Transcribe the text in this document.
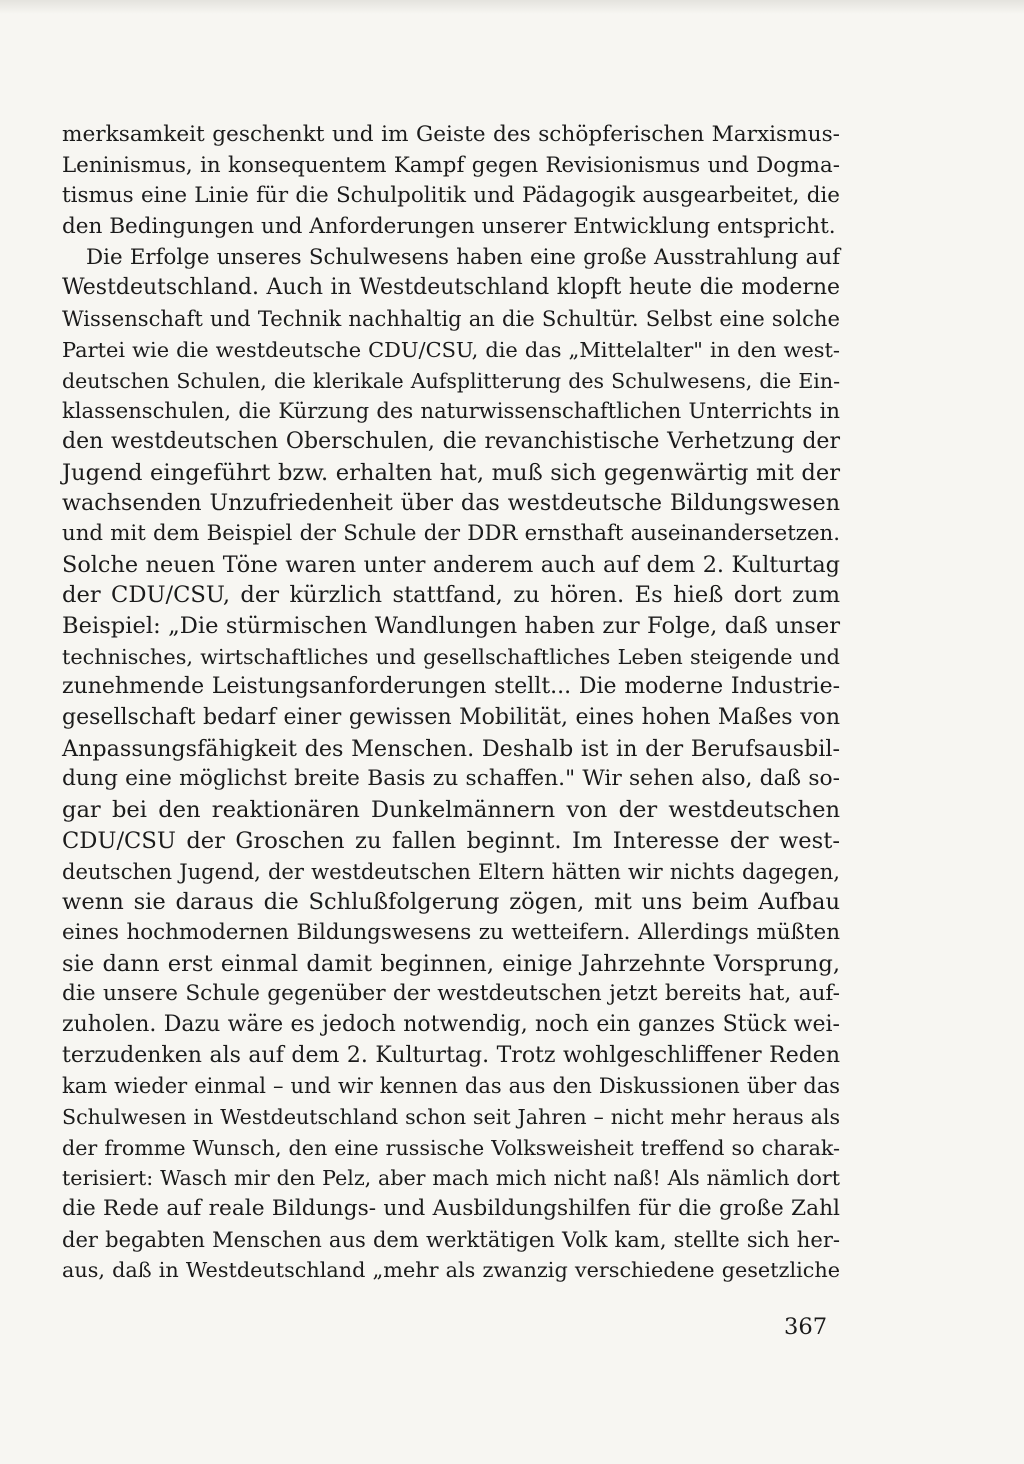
merksamkeit geschenkt und im Geiste des schöpferischen Marxismus-
Leninismus, in konsequentem Kampf gegen Revisionismus und Dogma-
tismus eine Linie für die Schulpolitik und Pädagogik ausgearbeitet, die
den Bedingungen und Anforderungen unserer Entwicklung entspricht.
Die Erfolge unseres Schulwesens haben eine große Ausstrahlung auf
Westdeutschland. Auch in Westdeutschland klopft heute die moderne
Wissenschaft und Technik nachhaltig an die Schultür. Selbst eine solche
Partei wie die westdeutsche CDU/CSU, die das „Mittelalter" in den west-
deutschen Schulen, die klerikale Aufsplitterung des Schulwesens, die Ein-
klassenschulen, die Kürzung des naturwissenschaftlichen Unterrichts in
den westdeutschen Oberschulen, die revanchistische Verhetzung der
Jugend eingeführt bzw. erhalten hat, muß sich gegenwärtig mit der
wachsenden Unzufriedenheit über das westdeutsche Bildungswesen
und mit dem Beispiel der Schule der DDR ernsthaft auseinandersetzen.
Solche neuen Töne waren unter anderem auch auf dem 2. Kulturtag
der CDU/CSU, der kürzlich stattfand, zu hören. Es hieß dort zum
Beispiel: „Die stürmischen Wandlungen haben zur Folge, daß unser
technisches, wirtschaftliches und gesellschaftliches Leben steigende und
zunehmende Leistungsanforderungen stellt... Die moderne Industrie-
gesellschaft bedarf einer gewissen Mobilität, eines hohen Maßes von
Anpassungsfähigkeit des Menschen. Deshalb ist in der Berufsausbil-
dung eine möglichst breite Basis zu schaffen." Wir sehen also, daß so-
gar bei den reaktionären Dunkelmännern von der westdeutschen
CDU/CSU der Groschen zu fallen beginnt. Im Interesse der west-
deutschen Jugend, der westdeutschen Eltern hätten wir nichts dagegen,
wenn sie daraus die Schlußfolgerung zögen, mit uns beim Aufbau
eines hochmodernen Bildungswesens zu wetteifern. Allerdings müßten
sie dann erst einmal damit beginnen, einige Jahrzehnte Vorsprung,
die unsere Schule gegenüber der westdeutschen jetzt bereits hat, auf-
zuholen. Dazu wäre es jedoch notwendig, noch ein ganzes Stück wei-
terzudenken als auf dem 2. Kulturtag. Trotz wohlgeschliffener Reden
kam wieder einmal – und wir kennen das aus den Diskussionen über das
Schulwesen in Westdeutschland schon seit Jahren – nicht mehr heraus als
der fromme Wunsch, den eine russische Volksweisheit treffend so charak-
terisiert: Wasch mir den Pelz, aber mach mich nicht naß! Als nämlich dort
die Rede auf reale Bildungs- und Ausbildungshilfen für die große Zahl
der begabten Menschen aus dem werktätigen Volk kam, stellte sich her-
aus, daß in Westdeutschland „mehr als zwanzig verschiedene gesetzliche
367
